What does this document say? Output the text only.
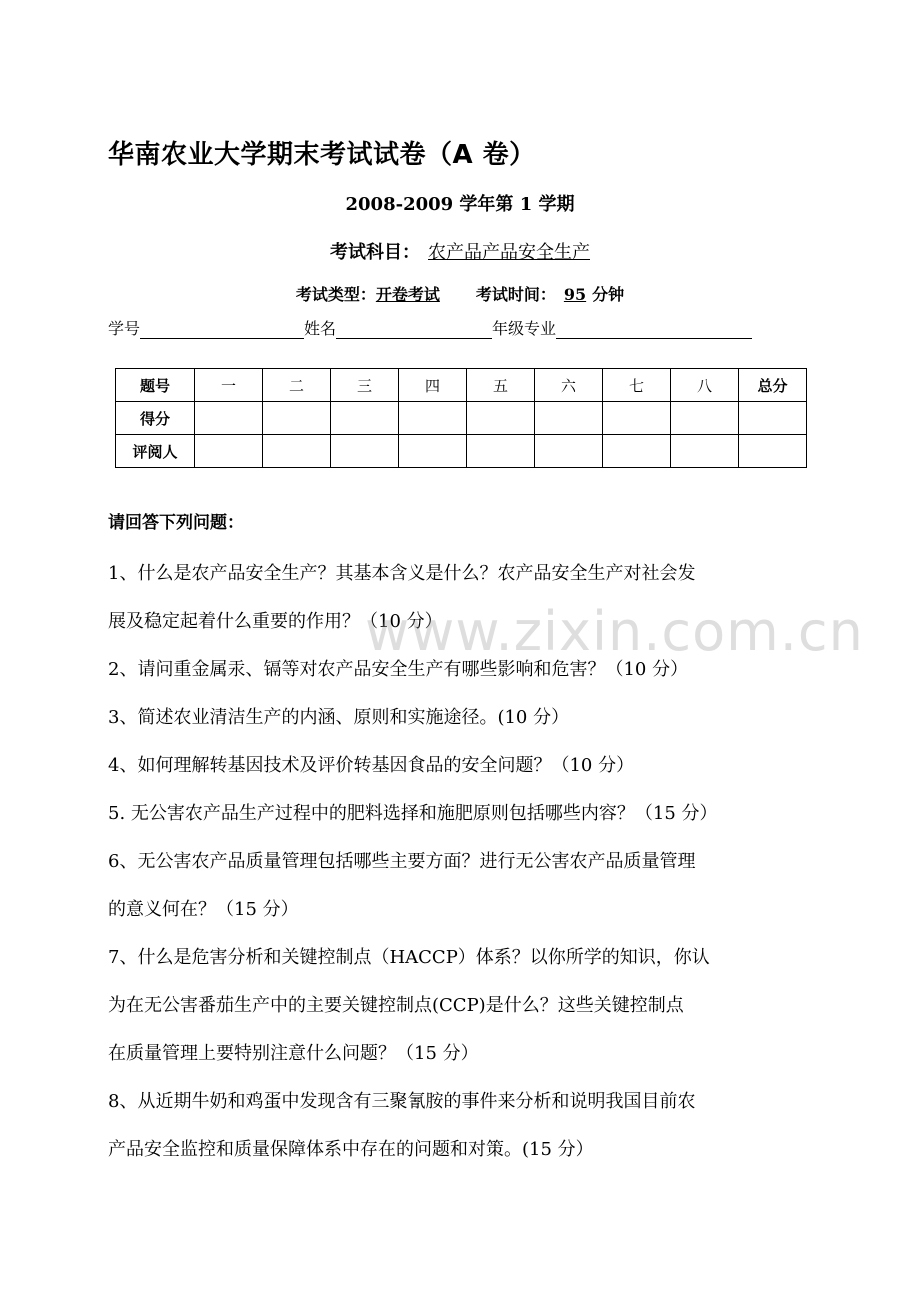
华南农业大学期末考试试卷（A 卷）
2008-2009 学年第 1 学期
考试科目： 农产品产品安全生产
考试类型：开卷考试 考试时间： 95 分钟
学号	姓名	年级专业
题号	一	二	三	四	五	六	七	八	总分
得分									
评阅人									
请回答下列问题：

1、什么是农产品安全生产？其基本含义是什么？农产品安全生产对社会发

展及稳定起着什么重要的作用？（10 分）

2、请问重金属汞、镉等对农产品安全生产有哪些影响和危害？（10 分）

3、简述农业清洁生产的内涵、原则和实施途径。(10 分）

4、如何理解转基因技术及评价转基因食品的安全问题？（10 分）

5. 无公害农产品生产过程中的肥料选择和施肥原则包括哪些内容？（15 分）

6、无公害农产品质量管理包括哪些主要方面？进行无公害农产品质量管理

的意义何在？（15 分）

7、什么是危害分析和关键控制点（HACCP）体系？以你所学的知识，你认

为在无公害番茄生产中的主要关键控制点(CCP)是什么？这些关键控制点

在质量管理上要特别注意什么问题？（15 分）

8、从近期牛奶和鸡蛋中发现含有三聚氰胺的事件来分析和说明我国目前农

产品安全监控和质量保障体系中存在的问题和对策。(15 分）

www.zixin.com.cn
